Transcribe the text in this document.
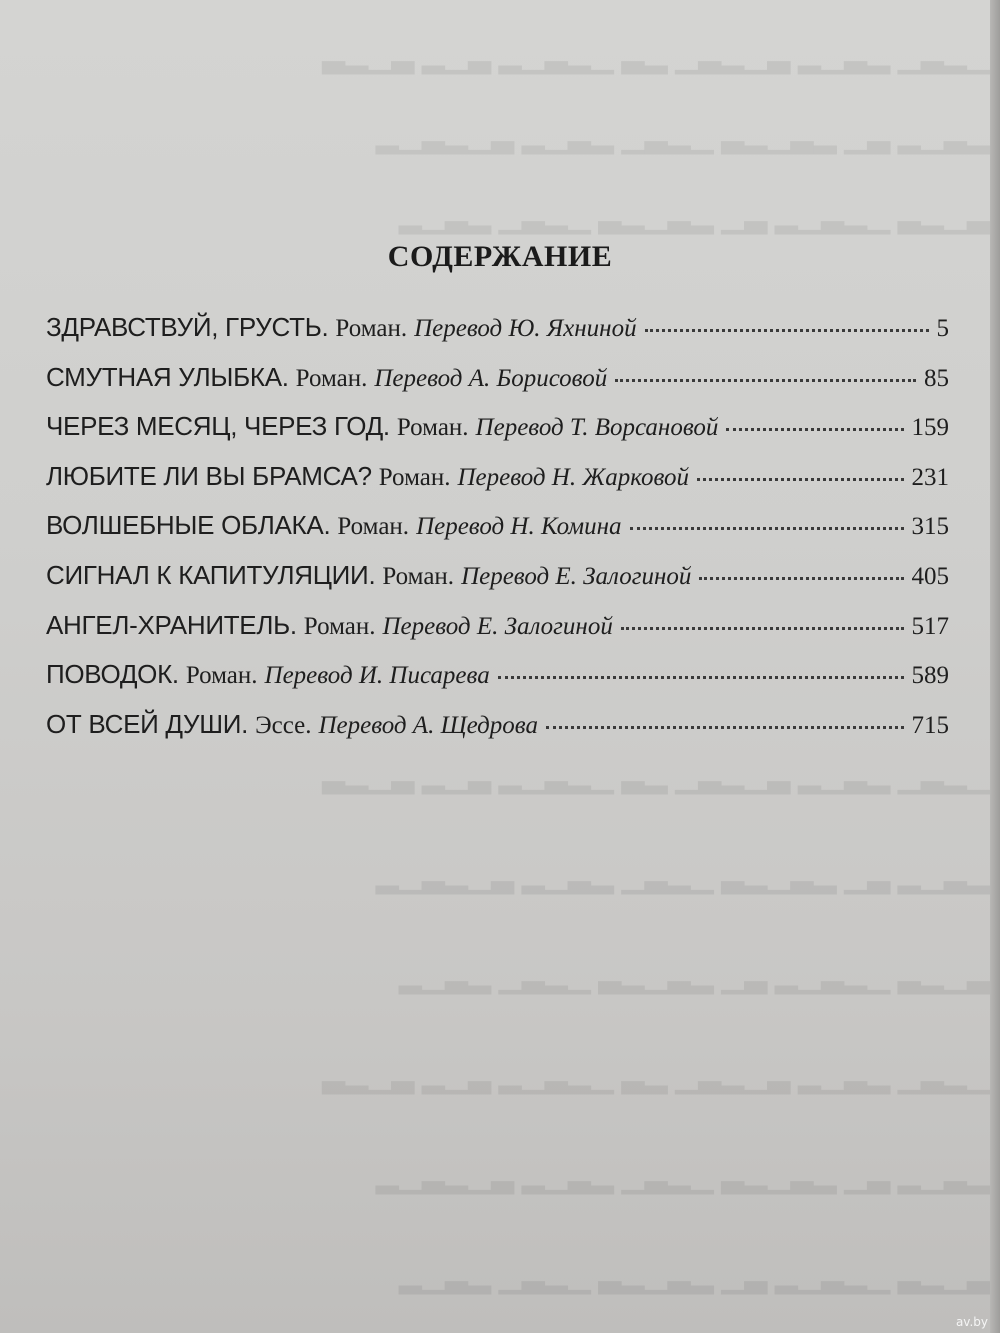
▁▂▃▁ ▂▃▁▂ ▃▁▂▃▁ ▂▃ ▁▂▃▁▂ ▃▁▂ ▃▁▂▃
▂▃▁▂ ▃▁ ▂▃▁▂▃ ▁▂▃▁ ▂▃▁▂ ▃▁▂▃▁▂
▃▁▂▃ ▁▂▃▁▂ ▃▁ ▂▃▁▂▃ ▁▂▃▁ ▂▃▁▂
▁▂▃▁ ▂▃▁▂ ▃▁▂▃▁ ▂▃ ▁▂▃▁▂ ▃▁▂ ▃▁▂▃
▂▃▁▂ ▃▁ ▂▃▁▂▃ ▁▂▃▁ ▂▃▁▂ ▃▁▂▃▁▂
▃▁▂▃ ▁▂▃▁▂ ▃▁ ▂▃▁▂▃ ▁▂▃▁ ▂▃▁▂
▁▂▃▁ ▂▃▁▂ ▃▁▂▃▁ ▂▃ ▁▂▃▁▂ ▃▁▂ ▃▁▂▃
▂▃▁▂ ▃▁ ▂▃▁▂▃ ▁▂▃▁ ▂▃▁▂ ▃▁▂▃▁▂
▃▁▂▃ ▁▂▃▁▂ ▃▁ ▂▃▁▂▃ ▁▂▃▁ ▂▃▁▂
СОДЕРЖАНИЕ
ЗДРАВСТВУЙ, ГРУСТЬ. Роман. Перевод Ю. Яхниной	5
СМУТНАЯ УЛЫБКА. Роман. Перевод А. Борисовой	85
ЧЕРЕЗ МЕСЯЦ, ЧЕРЕЗ ГОД. Роман. Перевод Т. Ворсановой	159
ЛЮБИТЕ ЛИ ВЫ БРАМСА? Роман. Перевод Н. Жарковой	231
ВОЛШЕБНЫЕ ОБЛАКА. Роман. Перевод Н. Комина	315
СИГНАЛ К КАПИТУЛЯЦИИ. Роман. Перевод Е. Залогиной	405
АНГЕЛ-ХРАНИТЕЛЬ. Роман. Перевод Е. Залогиной	517
ПОВОДОК. Роман. Перевод И. Писарева	589
ОТ ВСЕЙ ДУШИ. Эссе. Перевод А. Щедрова	715
av.by
